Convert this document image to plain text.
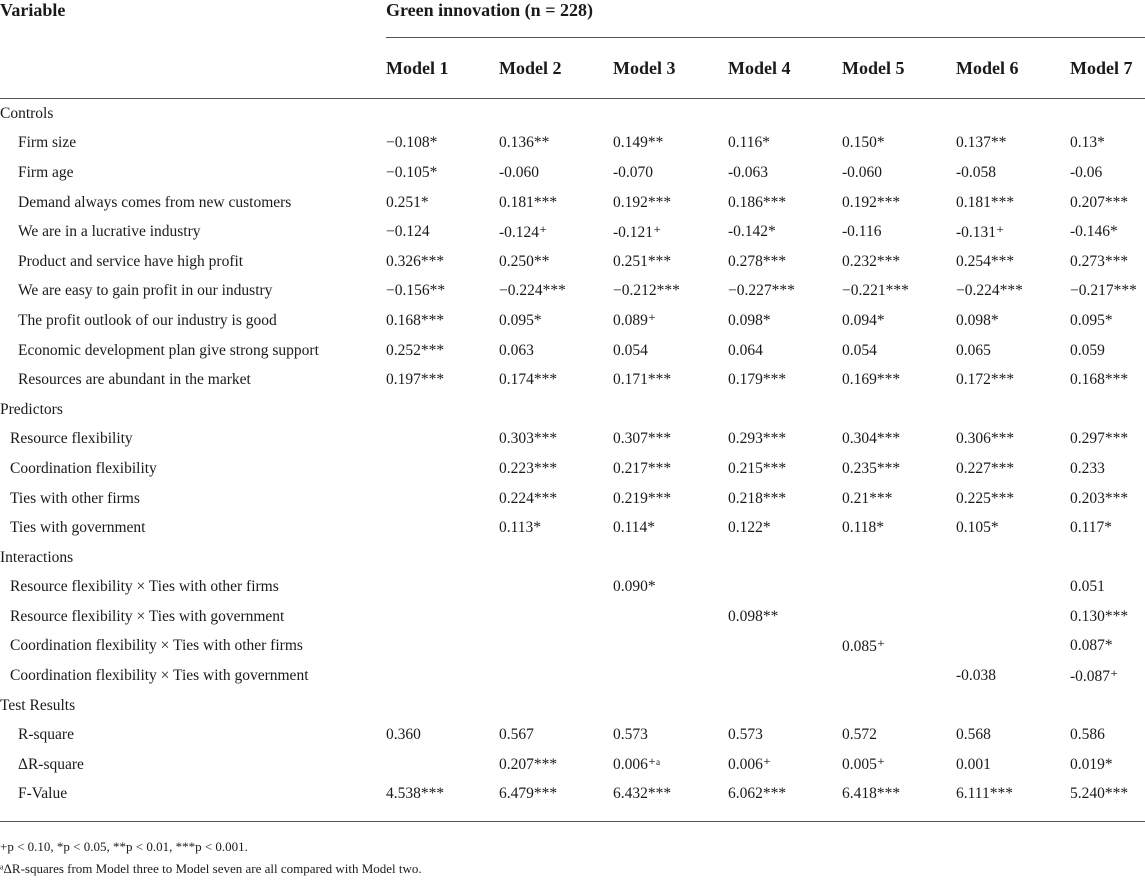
Variable	Green innovation (n = 228)						
	Model 1	Model 2	Model 3	Model 4	Model 5	Model 6	Model 7
Controls							
Firm size	−0.108*	0.136**	0.149**	0.116*	0.150*	0.137**	0.13*
Firm age	−0.105*	-0.060	-0.070	-0.063	-0.060	-0.058	-0.06
Demand always comes from new customers	0.251*	0.181***	0.192***	0.186***	0.192***	0.181***	0.207***
We are in a lucrative industry	−0.124	-0.124⁺	-0.121⁺	-0.142*	-0.116	-0.131⁺	-0.146*
Product and service have high profit	0.326***	0.250**	0.251***	0.278***	0.232***	0.254***	0.273***
We are easy to gain profit in our industry	−0.156**	−0.224***	−0.212***	−0.227***	−0.221***	−0.224***	−0.217***
The profit outlook of our industry is good	0.168***	0.095*	0.089⁺	0.098*	0.094*	0.098*	0.095*
Economic development plan give strong support	0.252***	0.063	0.054	0.064	0.054	0.065	0.059
Resources are abundant in the market	0.197***	0.174***	0.171***	0.179***	0.169***	0.172***	0.168***
Predictors							
Resource flexibility		0.303***	0.307***	0.293***	0.304***	0.306***	0.297***
Coordination flexibility		0.223***	0.217***	0.215***	0.235***	0.227***	0.233
Ties with other firms		0.224***	0.219***	0.218***	0.21***	0.225***	0.203***
Ties with government		0.113*	0.114*	0.122*	0.118*	0.105*	0.117*
Interactions							
Resource flexibility × Ties with other firms			0.090*				0.051
Resource flexibility × Ties with government				0.098**			0.130***
Coordination flexibility × Ties with other firms					0.085⁺		0.087*
Coordination flexibility × Ties with government						-0.038	-0.087⁺
Test Results							
R-square	0.360	0.567	0.573	0.573	0.572	0.568	0.586
ΔR-square		0.207***	0.006⁺ᵃ	0.006⁺	0.005⁺	0.001	0.019*
F-Value	4.538***	6.479***	6.432***	6.062***	6.418***	6.111***	5.240***
+p < 0.10, *p < 0.05, **p < 0.01, ***p < 0.001.
ᵃΔR-squares from Model three to Model seven are all compared with Model two.
